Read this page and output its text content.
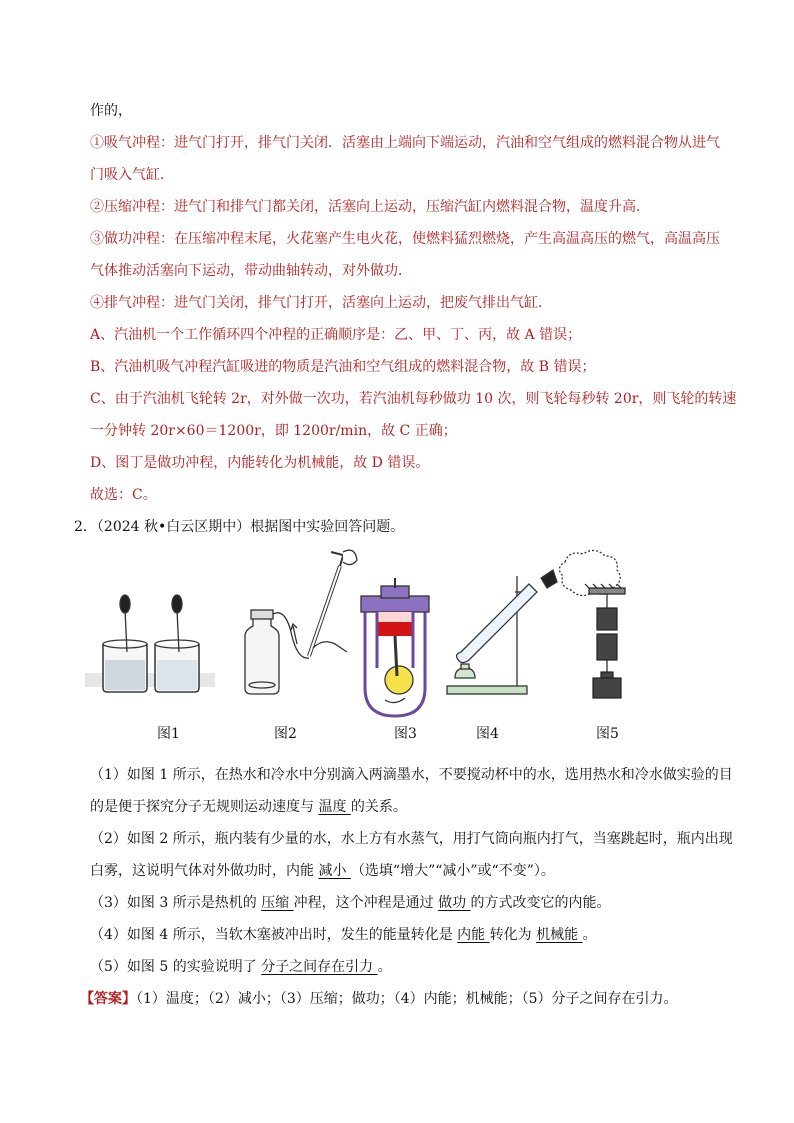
作的，
①吸气冲程：进气门打开，排气门关闭．活塞由上端向下端运动，汽油和空气组成的燃料混合物从进气
门吸入气缸．
②压缩冲程：进气门和排气门都关闭，活塞向上运动，压缩汽缸内燃料混合物，温度升高．
③做功冲程：在压缩冲程末尾，火花塞产生电火花，使燃料猛烈燃烧，产生高温高压的燃气，高温高压
气体推动活塞向下运动，带动曲轴转动，对外做功．
④排气冲程：进气门关闭，排气门打开，活塞向上运动，把废气排出气缸．
A、汽油机一个工作循环四个冲程的正确顺序是：乙、甲、丁、丙，故 A 错误；
B、汽油机吸气冲程汽缸吸进的物质是汽油和空气组成的燃料混合物，故 B 错误；
C、由于汽油机飞轮转 2r，对外做一次功，若汽油机每秒做功 10 次，则飞轮每秒转 20r，则飞轮的转速
一分钟转 20r×60＝1200r，即 1200r/min，故 C 正确；
D、图丁是做功冲程，内能转化为机械能，故 D 错误。
故选：C。
2．（2024 秋•白云区期中）根据图中实验回答问题。
图1	图2	图3	图4	图5
（1）如图 1 所示，在热水和冷水中分别滴入两滴墨水，不要搅动杯中的水，选用热水和冷水做实验的目
的是便于探究分子无规则运动速度与 温度 的关系。
（2）如图 2 所示，瓶内装有少量的水，水上方有水蒸气，用打气筒向瓶内打气，当塞跳起时，瓶内出现
白雾，这说明气体对外做功时，内能 减小 （选填“增大”“减小”或“不变”）。
（3）如图 3 所示是热机的 压缩 冲程，这个冲程是通过 做功 的方式改变它的内能。
（4）如图 4 所示，当软木塞被冲出时，发生的能量转化是 内能 转化为 机械能 。
（5）如图 5 的实验说明了 分子之间存在引力 。
【答案】（1）温度；（2）减小；（3）压缩；做功；（4）内能；机械能；（5）分子之间存在引力。
